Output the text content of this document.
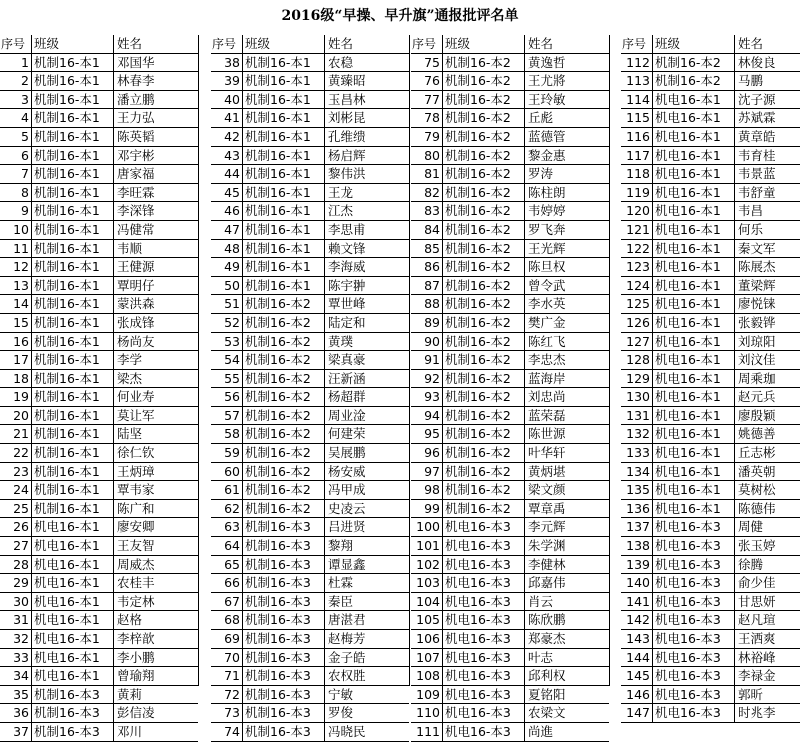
2016级“早操、早升旗”通报批评名单
序号 班级	姓名
1 机制16-本1	邓国华
2 机制16-本1	林春李
3 机制16-本1	潘立鹏
4 机制16-本1	王力弘
5 机制16-本1	陈英韬
6 机制16-本1	邓宇彬
7 机制16-本1	唐家福
8 机制16-本1	李旺霖
9 机制16-本1	李深锋
10 机制16-本1	冯健常
11 机制16-本1	韦顺
12 机制16-本1	王健源
13 机制16-本1	覃明仔
14 机制16-本1	蒙洪森
15 机制16-本1	张成锋
16 机制16-本1	杨尚友
17 机制16-本1	李学
18 机制16-本1	梁杰
19 机制16-本1	何业寿
20 机制16-本1	莫让军
21 机制16-本1	陆坚
22 机制16-本1	徐仁钦
23 机制16-本1	王炳璋
24 机制16-本1	覃韦家
25 机制16-本1	陈广和
26 机电16-本1	廖安卿
27 机电16-本1	王友智
28 机电16-本1	周威杰
29 机电16-本1	农桂丰
30 机电16-本1	韦定林
31 机电16-本1	赵格
32 机电16-本1	李梓歆
33 机电16-本1	李小鹏
34 机电16-本1	曾瑜翔
35 机制16-本3	黄莉
36 机制16-本3	彭信凌
37 机制16-本3	邓川
序号 班级	姓名
38 机制16-本1	农稳
39 机制16-本1	黄臻昭
40 机制16-本1	玉昌林
41 机制16-本1	刘彬昆
42 机制16-本1	孔维缋
43 机制16-本1	杨启辉
44 机制16-本1	黎伟洪
45 机制16-本1	王龙
46 机制16-本1	江杰
47 机制16-本1	李思甫
48 机制16-本1	赖文锋
49 机制16-本1	李海威
50 机制16-本1	陈宇翀
51 机制16-本2	覃世峰
52 机制16-本2	陆定和
53 机制16-本2	黄璞
54 机制16-本2	梁真豪
55 机制16-本2	汪新涵
56 机制16-本2	杨超群
57 机制16-本2	周业淦
58 机制16-本2	何建荣
59 机制16-本2	吴展鹏
60 机制16-本2	杨安威
61 机制16-本2	冯甲成
62 机制16-本2	史凌云
63 机制16-本3	吕进贤
64 机制16-本3	黎翔
65 机制16-本3	谭显鑫
66 机制16-本3	杜霖
67 机制16-本3	秦臣
68 机制16-本3	唐湛君
69 机制16-本3	赵梅芳
70 机制16-本3	金子皓
71 机制16-本3	农权胜
72 机制16-本3	宁敏
73 机制16-本3	罗俊
74 机制16-本3	冯晓民
序号 班级	姓名
75 机制16-本2	黄逸哲
76 机制16-本2	王尤將
77 机制16-本2	王玲敏
78 机制16-本2	丘彪
79 机制16-本2	蓝德管
80 机制16-本2	黎金惠
81 机制16-本2	罗涛
82 机制16-本2	陈柱朗
83 机制16-本2	韦婷婷
84 机制16-本2	罗飞奔
85 机制16-本2	王光辉
86 机制16-本2	陈旦权
87 机制16-本2	曾令武
88 机制16-本2	李水英
89 机制16-本2	樊广金
90 机制16-本2	陈红飞
91 机制16-本2	李忠杰
92 机制16-本2	蓝海岸
93 机制16-本2	刘忠尚
94 机制16-本2	蓝荣磊
95 机制16-本2	陈世源
96 机制16-本2	叶华轩
97 机制16-本2	黄炳堪
98 机制16-本2	梁文颜
99 机制16-本2	覃章禹
100 机电16-本3	李元辉
101 机电16-本3	朱学渊
102 机电16-本3	李健林
103 机电16-本3	邱嘉伟
104 机电16-本3	肖云
105 机电16-本3	陈欣鹏
106 机电16-本3	郑豪杰
107 机电16-本3	叶志
108 机电16-本3	邱利权
109 机电16-本3	夏铭阳
110 机电16-本3	农梁文
111 机电16-本3	尚進
序号 班级	姓名
112 机制16-本2	林俊良
113 机制16-本2	马鹏
114 机电16-本1	沈子源
115 机电16-本1	苏斌霖
116 机电16-本1	黄章皓
117 机电16-本1	韦育桂
118 机电16-本1	韦景蓝
119 机电16-本1	韦舒童
120 机电16-本1	韦昌
121 机电16-本1	何乐
122 机电16-本1	秦文军
123 机电16-本1	陈展杰
124 机电16-本1	董梁辉
125 机电16-本1	廖悦铼
126 机电16-本1	张毅铧
127 机电16-本1	刘琼阳
128 机电16-本1	刘汶佳
129 机电16-本1	周乘珈
130 机电16-本1	赵元兵
131 机电16-本1	廖殷颖
132 机电16-本1	姚德善
133 机电16-本1	丘志彬
134 机电16-本1	潘英朝
135 机电16-本1	莫树松
136 机电16-本1	陈德伟
137 机电16-本3	周健
138 机电16-本3	张玉婷
139 机电16-本3	徐腾
140 机电16-本3	俞少佳
141 机电16-本3	甘思妍
142 机电16-本3	赵凡瑄
143 机电16-本3	王洒爽
144 机电16-本3	林裕峰
145 机电16-本3	李禄金
146 机电16-本3	郭昕
147 机电16-本3	时兆李
